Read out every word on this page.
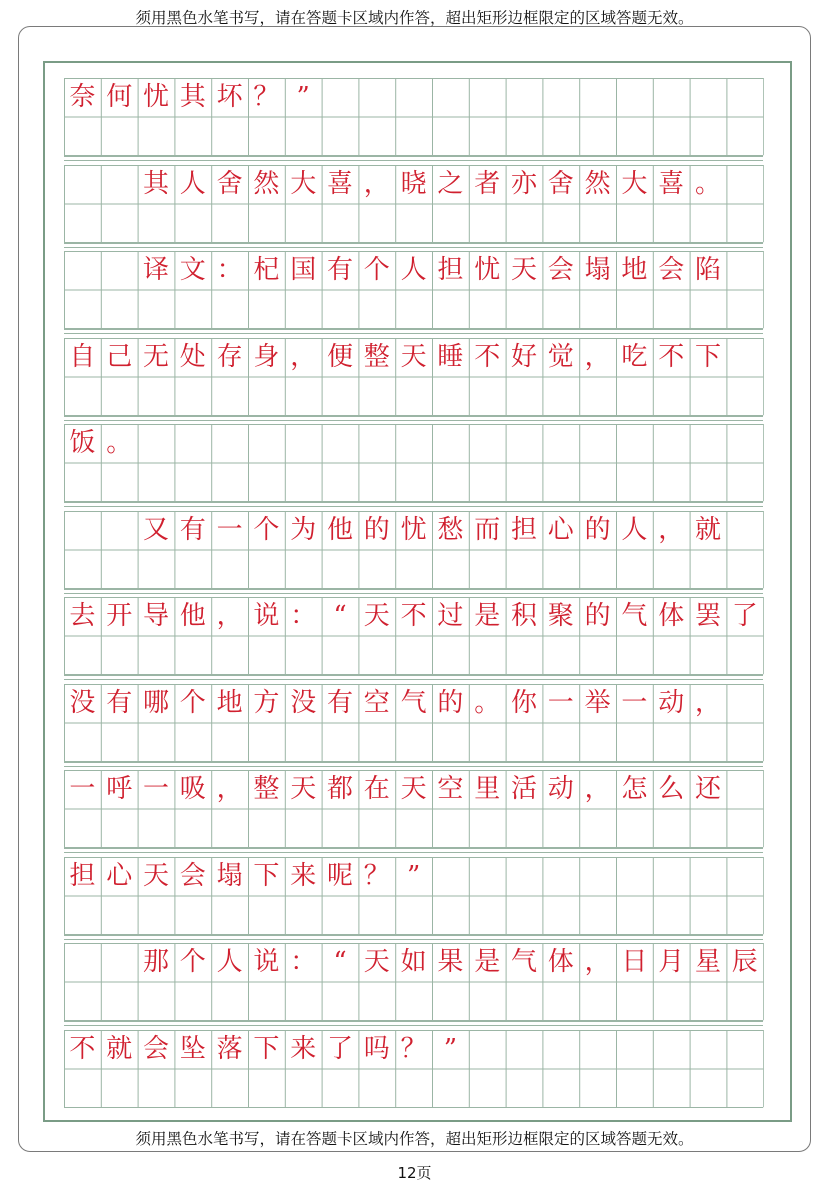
须用黑色水笔书写，请在答题卡区域内作答，超出矩形边框限定的区域答题无效。
奈 何 忧 其 坏 ？ ”

其 人 舍 然 大 喜 ， 晓 之 者 亦 舍 然 大 喜 。

译 文 ： 杞 国 有 个 人 担 忧 天 会 塌 地 会 陷
自 己 无 处 存 身 ， 便 整 天 睡 不 好 觉 ， 吃 不 下
饭 。

又 有 一 个 为 他 的 忧 愁 而 担 心 的 人 ， 就
去 开 导 他 ， 说 ： “ 天 不 过 是 积 聚 的 气 体 罢 了
没 有 哪 个 地 方 没 有 空 气 的 。 你 一 举 一 动 ，
一 呼 一 吸 ， 整 天 都 在 天 空 里 活 动 ， 怎 么 还
担 心 天 会 塌 下 来 呢 ？ ”

那 个 人 说 ： “ 天 如 果 是 气 体 ， 日 月 星 辰
不 就 会 坠 落 下 来 了 吗 ？ ”
须用黑色水笔书写，请在答题卡区域内作答，超出矩形边框限定的区域答题无效。
12页
